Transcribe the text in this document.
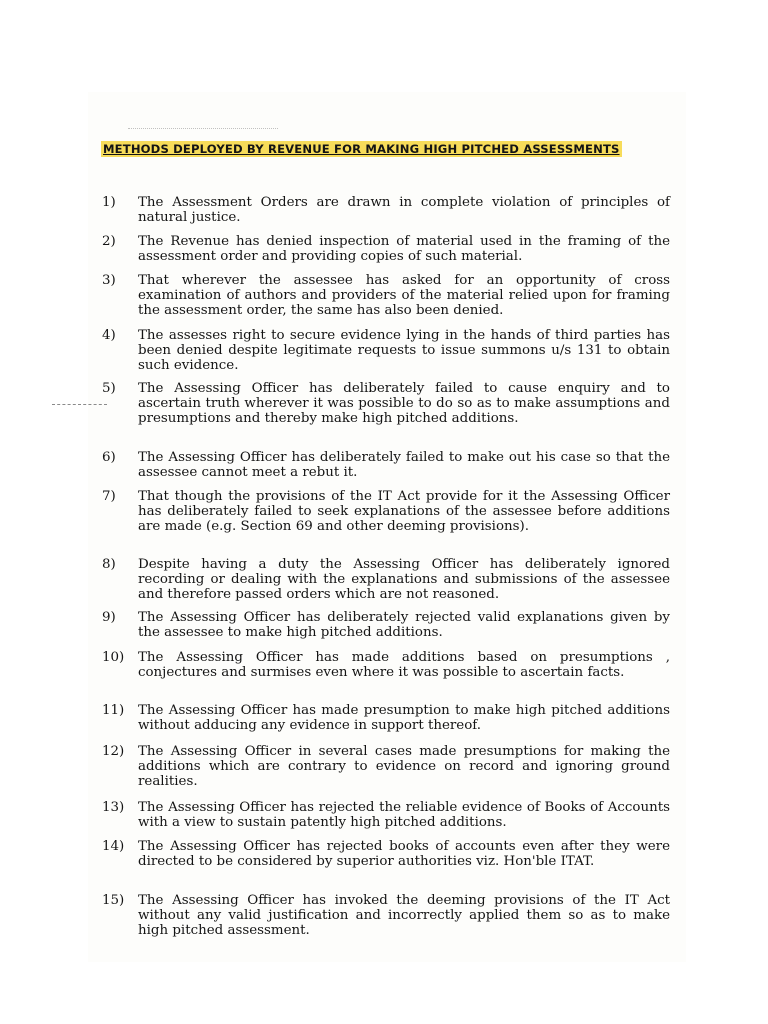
METHODS DEPLOYED BY REVENUE FOR MAKING HIGH PITCHED ASSESSMENTS
1)	The Assessment Orders are drawn in complete violation of principles of natural justice.
2)	The Revenue has denied inspection of material used in the framing of the assessment order and providing copies of such material.
3)	That wherever the assessee has asked for an opportunity of cross examination of authors and providers of the material relied upon for framing the assessment order, the same has also been denied.
4)	The assesses right to secure evidence lying in the hands of third parties has been denied despite legitimate requests to issue summons u/s 131 to obtain such evidence.
5)	The Assessing Officer has deliberately failed to cause enquiry and to ascertain truth wherever it was possible to do so as to make assumptions and presumptions and thereby make high pitched additions.
6)	The Assessing Officer has deliberately failed to make out his case so that the assessee cannot meet a rebut it.
7)	That though the provisions of the IT Act provide for it the Assessing Officer has deliberately failed to seek explanations of the assessee before additions are made (e.g. Section 69 and other deeming provisions).
8)	Despite having a duty the Assessing Officer has deliberately ignored recording or dealing with the explanations and submissions of the assessee and therefore passed orders which are not reasoned.
9)	The Assessing Officer has deliberately rejected valid explanations given by the assessee to make high pitched additions.
10)	The Assessing Officer has made additions based on presumptions , conjectures and surmises even where it was possible to ascertain facts.
11)	The Assessing Officer has made presumption to make high pitched additions without adducing any evidence in support thereof.
12)	The Assessing Officer in several cases made presumptions for making the additions which are contrary to evidence on record and ignoring ground realities.
13)	The Assessing Officer has rejected the reliable evidence of Books of Accounts with a view to sustain patently high pitched additions.
14)	The Assessing Officer has rejected books of accounts even after they were directed to be considered by superior authorities viz. Hon'ble ITAT.
15)	The Assessing Officer has invoked the deeming provisions of the IT Act without any valid justification and incorrectly applied them so as to make high pitched assessment.
